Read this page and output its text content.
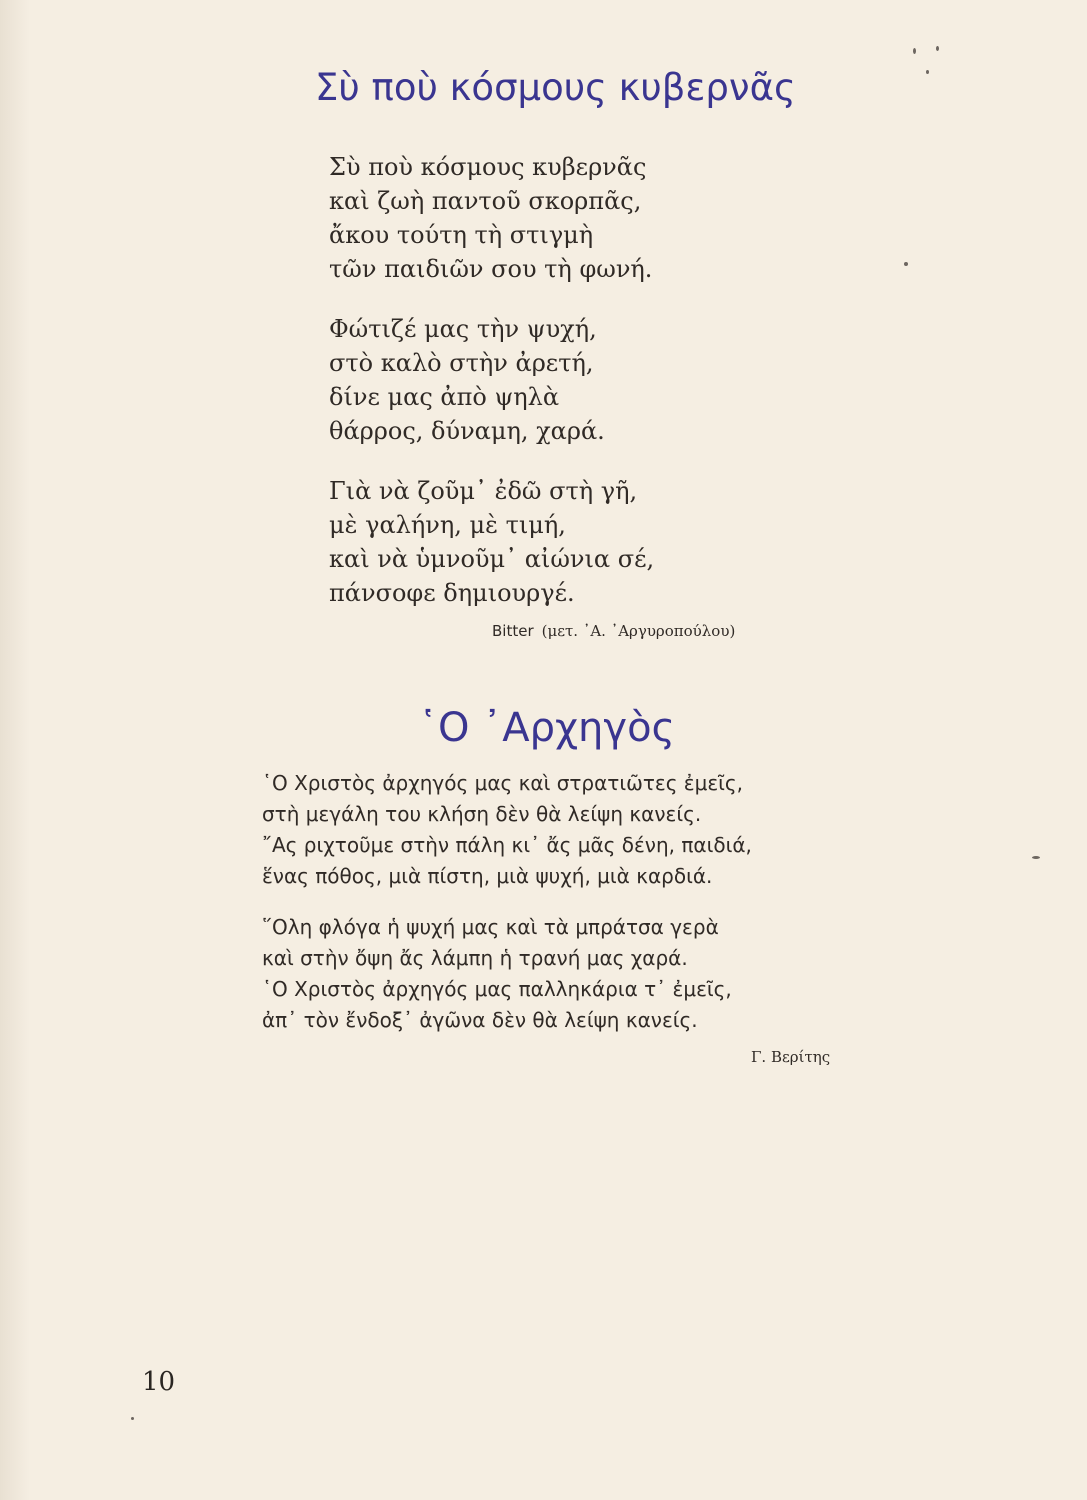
Σὺ ποὺ κόσμους κυβερνᾶς
Σὺ ποὺ κόσμους κυβερνᾶς
καὶ ζωὴ παντοῦ σκορπᾶς,
ἄκου τούτη τὴ στιγμὴ
τῶν παιδιῶν σου τὴ φωνή.
Φώτιζέ μας τὴν ψυχή,
στὸ καλὸ στὴν ἀρετή,
δίνε μας ἀπὸ ψηλὰ
θάρρος, δύναμη, χαρά.
Γιὰ νὰ ζοῦμ᾽ ἐδῶ στὴ γῆ,
μὲ γαλήνη, μὲ τιμή,
καὶ νὰ ὑμνοῦμ᾽ αἰώνια σέ,
πάνσοφε δημιουργέ.
Bitter (μετ. ᾽Α. ᾽Αργυροπούλου)
῾Ο ᾽Αρχηγὸς
῾Ο Χριστὸς ἀρχηγός μας καὶ στρατιῶτες ἐμεῖς,
στὴ μεγάλη του κλήση δὲν θὰ λείψη κανείς.
῎Ας ριχτοῦμε στὴν πάλη κι᾽ ἄς μᾶς δένη, παιδιά,
ἕνας πόθος, μιὰ πίστη, μιὰ ψυχή, μιὰ καρδιά.
῞Ολη φλόγα ἡ ψυχή μας καὶ τὰ μπράτσα γερὰ
καὶ στὴν ὄψη ἄς λάμπη ἡ τρανή μας χαρά.
῾Ο Χριστὸς ἀρχηγός μας παλληκάρια τ᾽ ἐμεῖς,
ἀπ᾽ τὸν ἔνδοξ᾽ ἀγῶνα δὲν θὰ λείψη κανείς.
Γ. Βερίτης
10
